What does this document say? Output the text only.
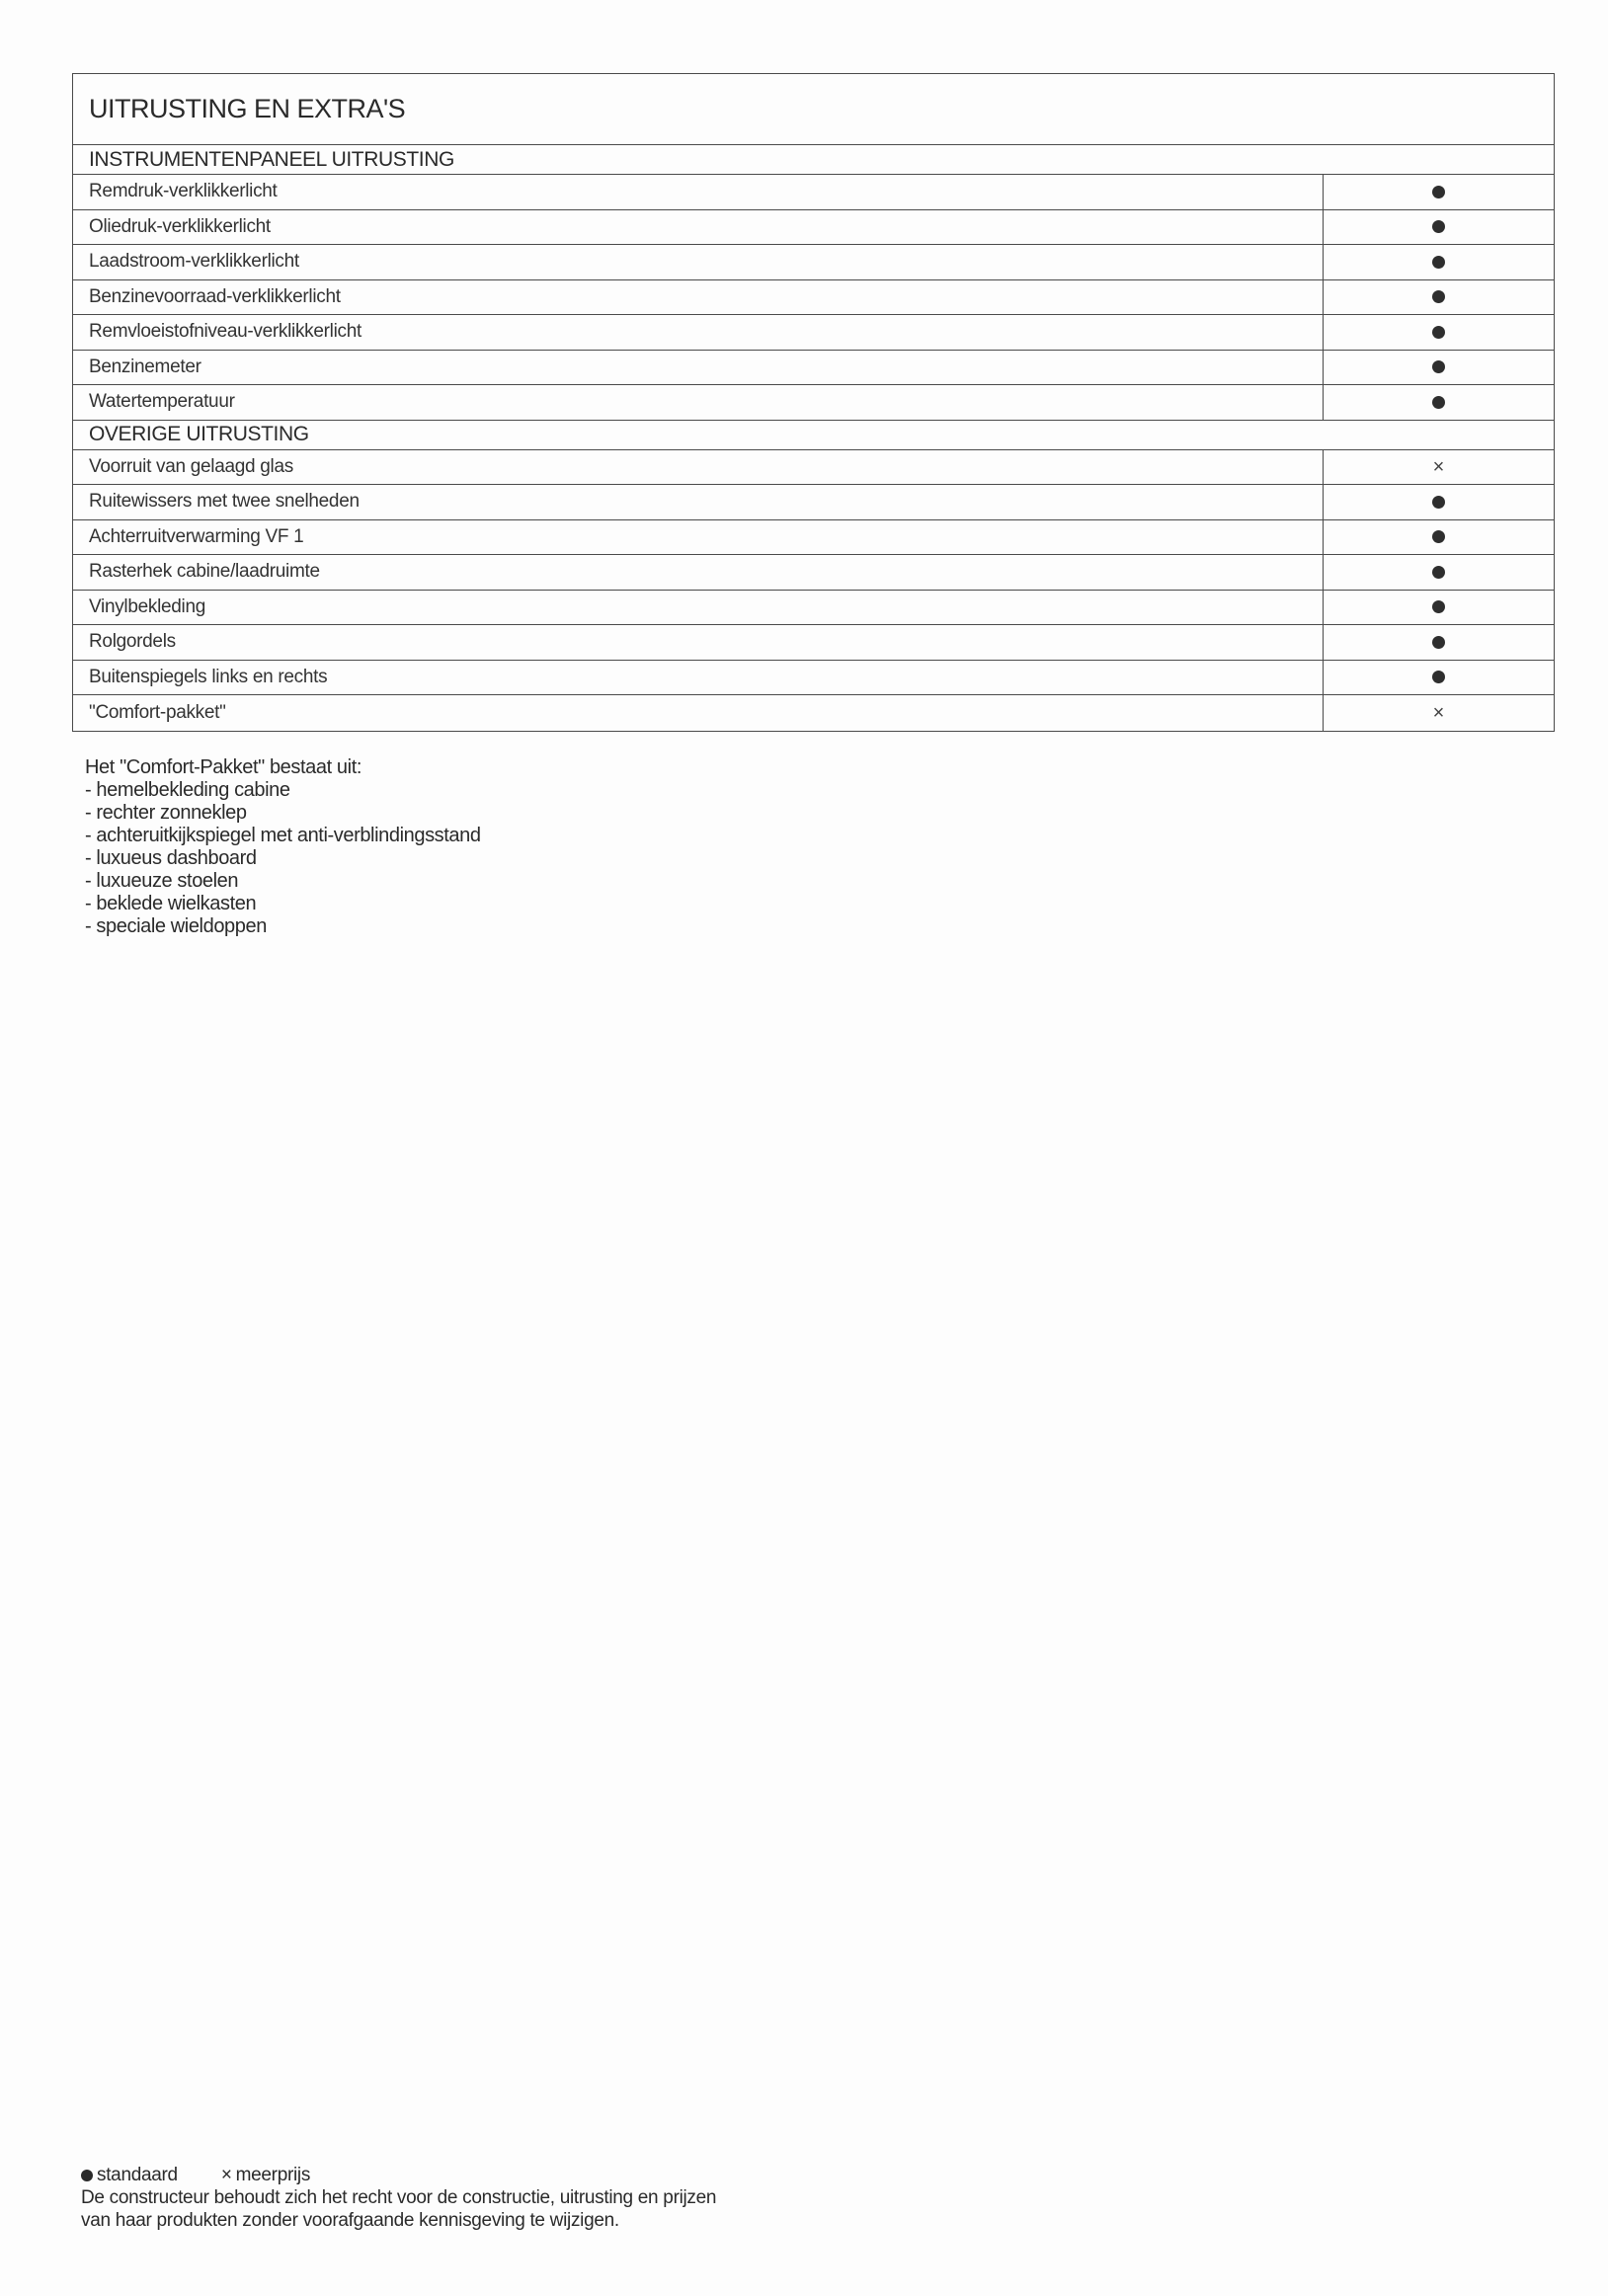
UITRUSTING EN EXTRA'S
INSTRUMENTENPANEEL UITRUSTING
Remdruk-verklikkerlicht
Oliedruk-verklikkerlicht
Laadstroom-verklikkerlicht
Benzinevoorraad-verklikkerlicht
Remvloeistofniveau-verklikkerlicht
Benzinemeter
Watertemperatuur
OVERIGE UITRUSTING
Voorruit van gelaagd glas	×
Ruitewissers met twee snelheden
Achterruitverwarming VF 1
Rasterhek cabine/laadruimte
Vinylbekleding
Rolgordels
Buitenspiegels links en rechts
"Comfort-pakket"	×
Het "Comfort-Pakket" bestaat uit:
- hemelbekleding cabine
- rechter zonneklep
- achteruitkijkspiegel met anti-verblindingsstand
- luxueus dashboard
- luxueuze stoelen
- beklede wielkasten
- speciale wieldoppen
standaard × meerprijs
De constructeur behoudt zich het recht voor de constructie, uitrusting en prijzen
van haar produkten zonder voorafgaande kennisgeving te wijzigen.
